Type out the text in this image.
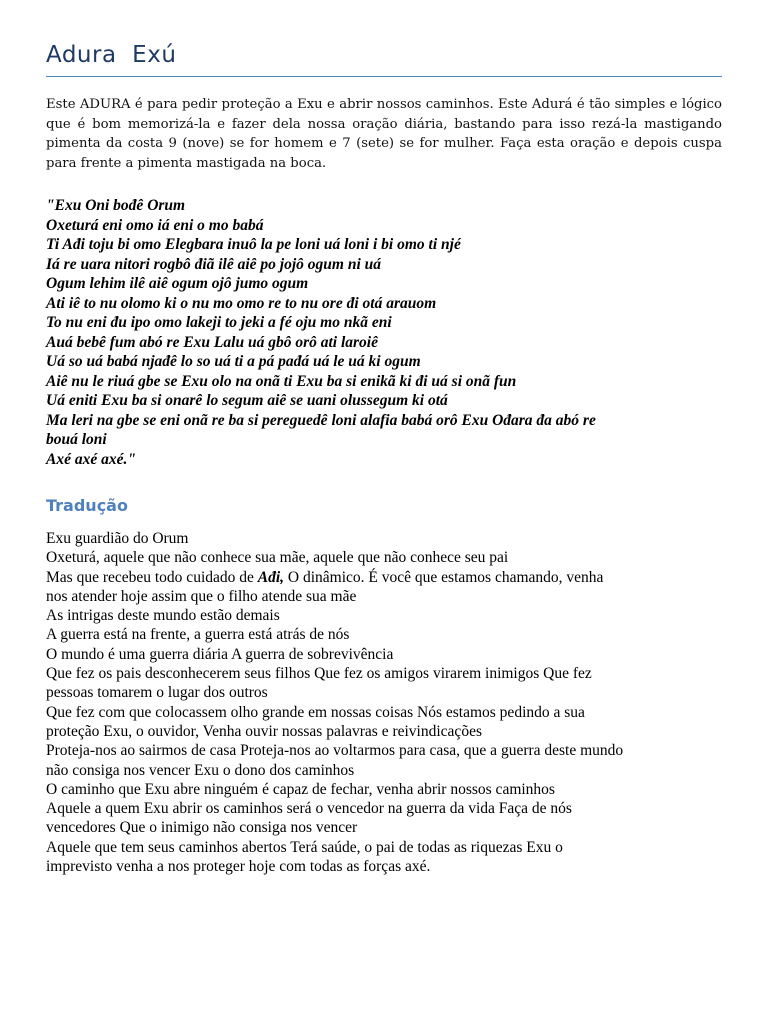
Adura  Exú

Este ADURA é para pedir proteção a Exu e abrir nossos caminhos. Este Adurá é tão simples e lógico que é bom memorizá-la e fazer dela nossa oração diária, bastando para isso rezá-la mastigando pimenta da costa 9 (nove) se for homem e 7 (sete) se for mulher. Faça esta oração e depois cuspa para frente a pimenta mastigada na boca.

"Exu Oni bođê Orum
Oxeturá eni omo iá eni o mo babá
Ti Ađi toju bi omo Elegbara inuô la pe loni uá loni i bi omo ti njé
Iá re uara nitori rogbô điã ilê aiê po jojô ogum ni uá
Ogum lehim ilê aiê ogum ojô jumo ogum
Ati iê to nu olomo ki o nu mo omo re to nu ore đi otá arauom
To nu eni đu ipo omo lakeji to jeki a fé oju mo nkã eni
Auá bebê fum abó re Exu Lalu uá gbô orô ati laroiê
Uá so uá babá njađê lo so uá ti a pá pađá uá le uá ki ogum
Aiê nu le riuá gbe se Exu olo na onã ti Exu ba si enikã ki đi uá si onã fun
Uá eniti Exu ba si onarê lo segum aiê se uani olussegum ki otá
Ma leri na gbe se eni onã re ba si pereguedê loni alafia babá orô Exu Ođara đa abó re
bouá loni
Axé axé axé."
Tradução
Exu guardião do Orum
Oxeturá, aquele que não conhece sua mãe, aquele que não conhece seu pai
Mas que recebeu todo cuidado de Ađi, O dinâmico. É você que estamos chamando, venha
nos atender hoje assim que o filho atende sua mãe
As intrigas deste mundo estão demais
A guerra está na frente, a guerra está atrás de nós
O mundo é uma guerra diária A guerra de sobrevivência
Que fez os pais desconhecerem seus filhos Que fez os amigos virarem inimigos Que fez
pessoas tomarem o lugar dos outros
Que fez com que colocassem olho grande em nossas coisas Nós estamos pedindo a sua
proteção Exu, o ouvidor, Venha ouvir nossas palavras e reivindicações
Proteja-nos ao sairmos de casa Proteja-nos ao voltarmos para casa, que a guerra deste mundo
não consiga nos vencer Exu o dono dos caminhos
O caminho que Exu abre ninguém é capaz de fechar, venha abrir nossos caminhos
Aquele a quem Exu abrir os caminhos será o vencedor na guerra da vida Faça de nós
vencedores Que o inimigo não consiga nos vencer
Aquele que tem seus caminhos abertos Terá saúde, o pai de todas as riquezas Exu o
imprevisto venha a nos proteger hoje com todas as forças axé.
